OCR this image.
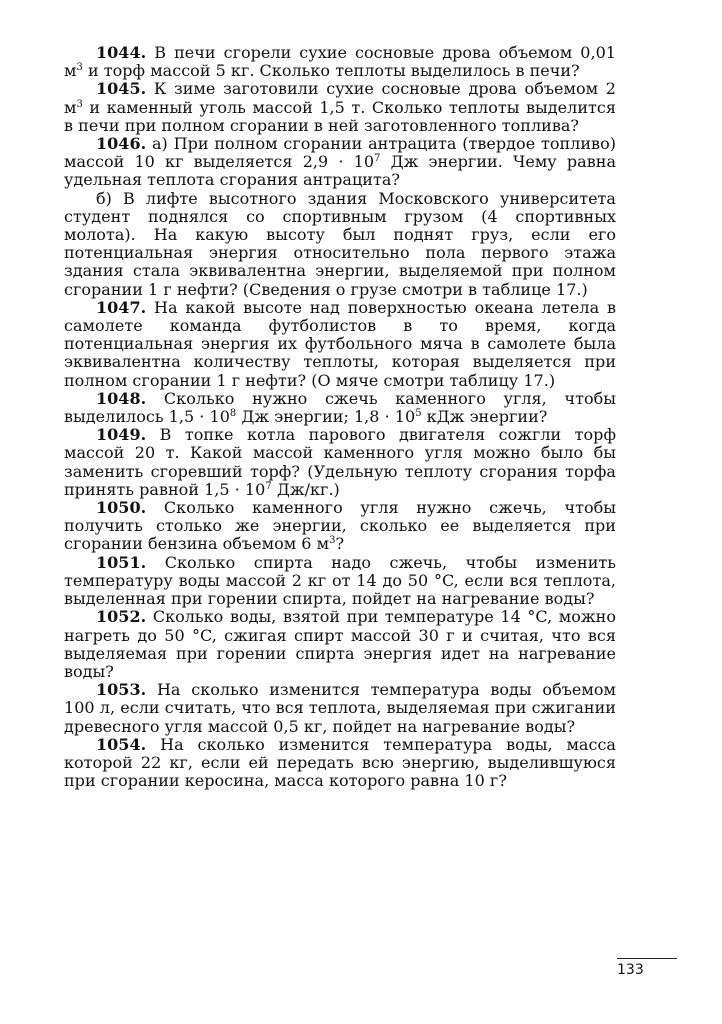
1044. В печи сгорели сухие сосновые дрова объемом 0,01 $м^3$ и торф массой 5 кг. Сколько теплоты выделилось в печи?

1045. К зиме заготовили сухие сосновые дрова объемом 2 $м^3$ и каменный уголь массой 1,5 т. Сколько теплоты выделится в печи при полном сгорании в ней заготовленного топлива?

1046. а) При полном сгорании антрацита (твердое топливо) массой 10 кг выделяется $2,9 \cdot 10^7$ Дж энергии. Чему равна удельная теплота сгорания антрацита?

б) В лифте высотного здания Московского университета студент поднялся со спортивным грузом (4 спортивных молота). На какую высоту был поднят груз, если его потенциальная энергия относительно пола первого этажа здания стала эквивалентна энергии, выделяемой при полном сгорании 1 г нефти? (Сведения о грузе смотри в таблице 17.)

1047. На какой высоте над поверхностью океана летела в самолете команда футболистов в то время, когда потенциальная энергия их футбольного мяча в самолете была эквивалентна количеству теплоты, которая выделяется при полном сгорании 1 г нефти? (О мяче смотри таблицу 17.)

1048. Сколько нужно сжечь каменного угля, чтобы выделилось $1,5 \cdot 10^8$ Дж энергии; $1,8 \cdot 10^5$ кДж энергии?

1049. В топке котла парового двигателя сожгли торф массой 20 т. Какой массой каменного угля можно было бы заменить сгоревший торф? (Удельную теплоту сгорания торфа принять равной $1,5 \cdot 10^7$ Дж/кг.)

1050. Сколько каменного угля нужно сжечь, чтобы получить столько же энергии, сколько ее выделяется при сгорании бензина объемом 6 $м^3$?

1051. Сколько спирта надо сжечь, чтобы изменить температуру воды массой 2 кг от 14 до 50 °C, если вся теплота, выделенная при горении спирта, пойдет на нагревание воды?

1052. Сколько воды, взятой при температуре 14 °C, можно нагреть до 50 °C, сжигая спирт массой 30 г и считая, что вся выделяемая при горении спирта энергия идет на нагревание воды?

1053. На сколько изменится температура воды объемом 100 л, если считать, что вся теплота, выделяемая при сжигании древесного угля массой 0,5 кг, пойдет на нагревание воды?

1054. На сколько изменится температура воды, масса которой 22 кг, если ей передать всю энергию, выделившуюся при сгорании керосина, масса которого равна 10 г?

133
